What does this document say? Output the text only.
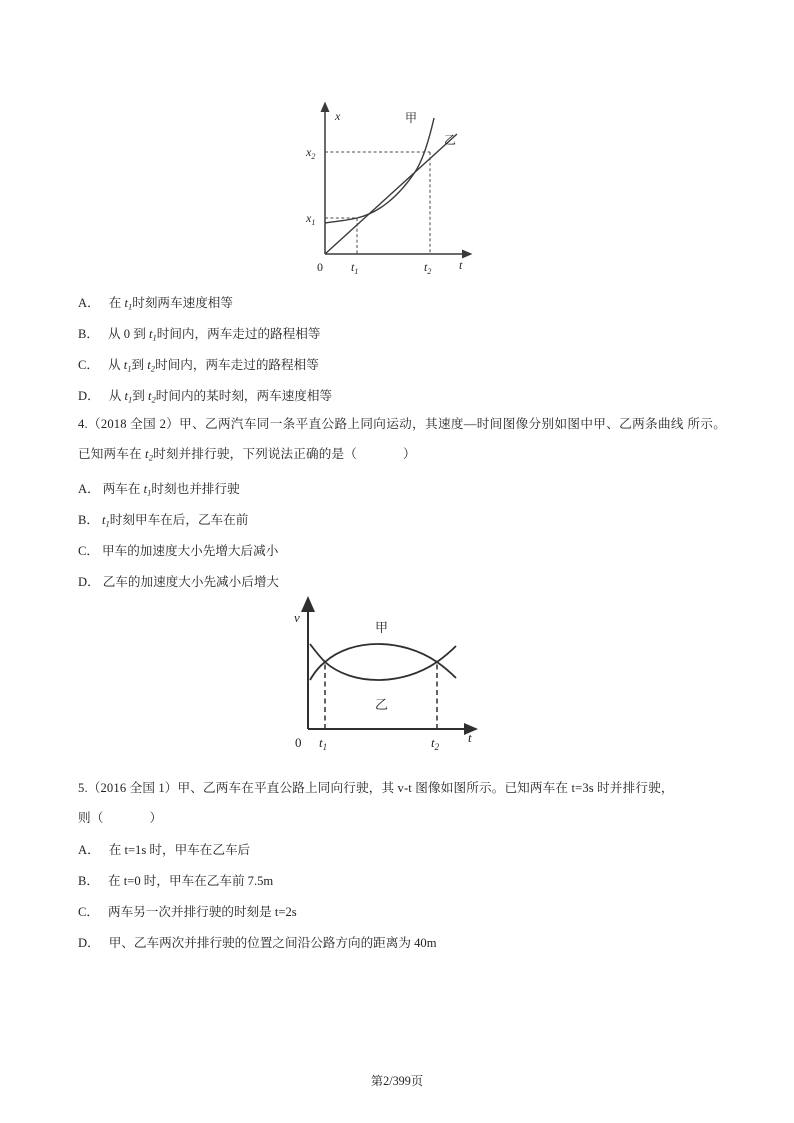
x
t
0
$x_1$
$x_2$
$t_1$	$t_2$
甲
乙
A． 在 $t_1$时刻两车速度相等
B． 从 0 到 $t_1$时间内，两车走过的路程相等
C． 从 $t_1$到 $t_2$时间内，两车走过的路程相等
D． 从 $t_1$到 $t_2$时间内的某时刻，两车速度相等
4.（2018 全国 2）甲、乙两汽车同一条平直公路上同向运动，其速度—时间图像分别如图中甲、乙两条曲线 所示。已知两车在 $t_2$时刻并排行驶，下列说法正确的是（	）
A． 两车在 $t_1$时刻也并排行驶
B． $t_1$时刻甲车在后，乙车在前
C． 甲车的加速度大小先增大后减小
D． 乙车的加速度大小先减小后增大
v
t
0 $t_1$	$t_2$
甲
乙
5.（2016 全国 1）甲、乙两车在平直公路上同向行驶，其 v-t 图像如图所示。已知两车在 t=3s 时并排行驶，
则（	）
A． 在 t=1s 时，甲车在乙车后
B． 在 t=0 时，甲车在乙车前 7.5m
C． 两车另一次并排行驶的时刻是 t=2s
D． 甲、乙车两次并排行驶的位置之间沿公路方向的距离为 40m
第2/399页
